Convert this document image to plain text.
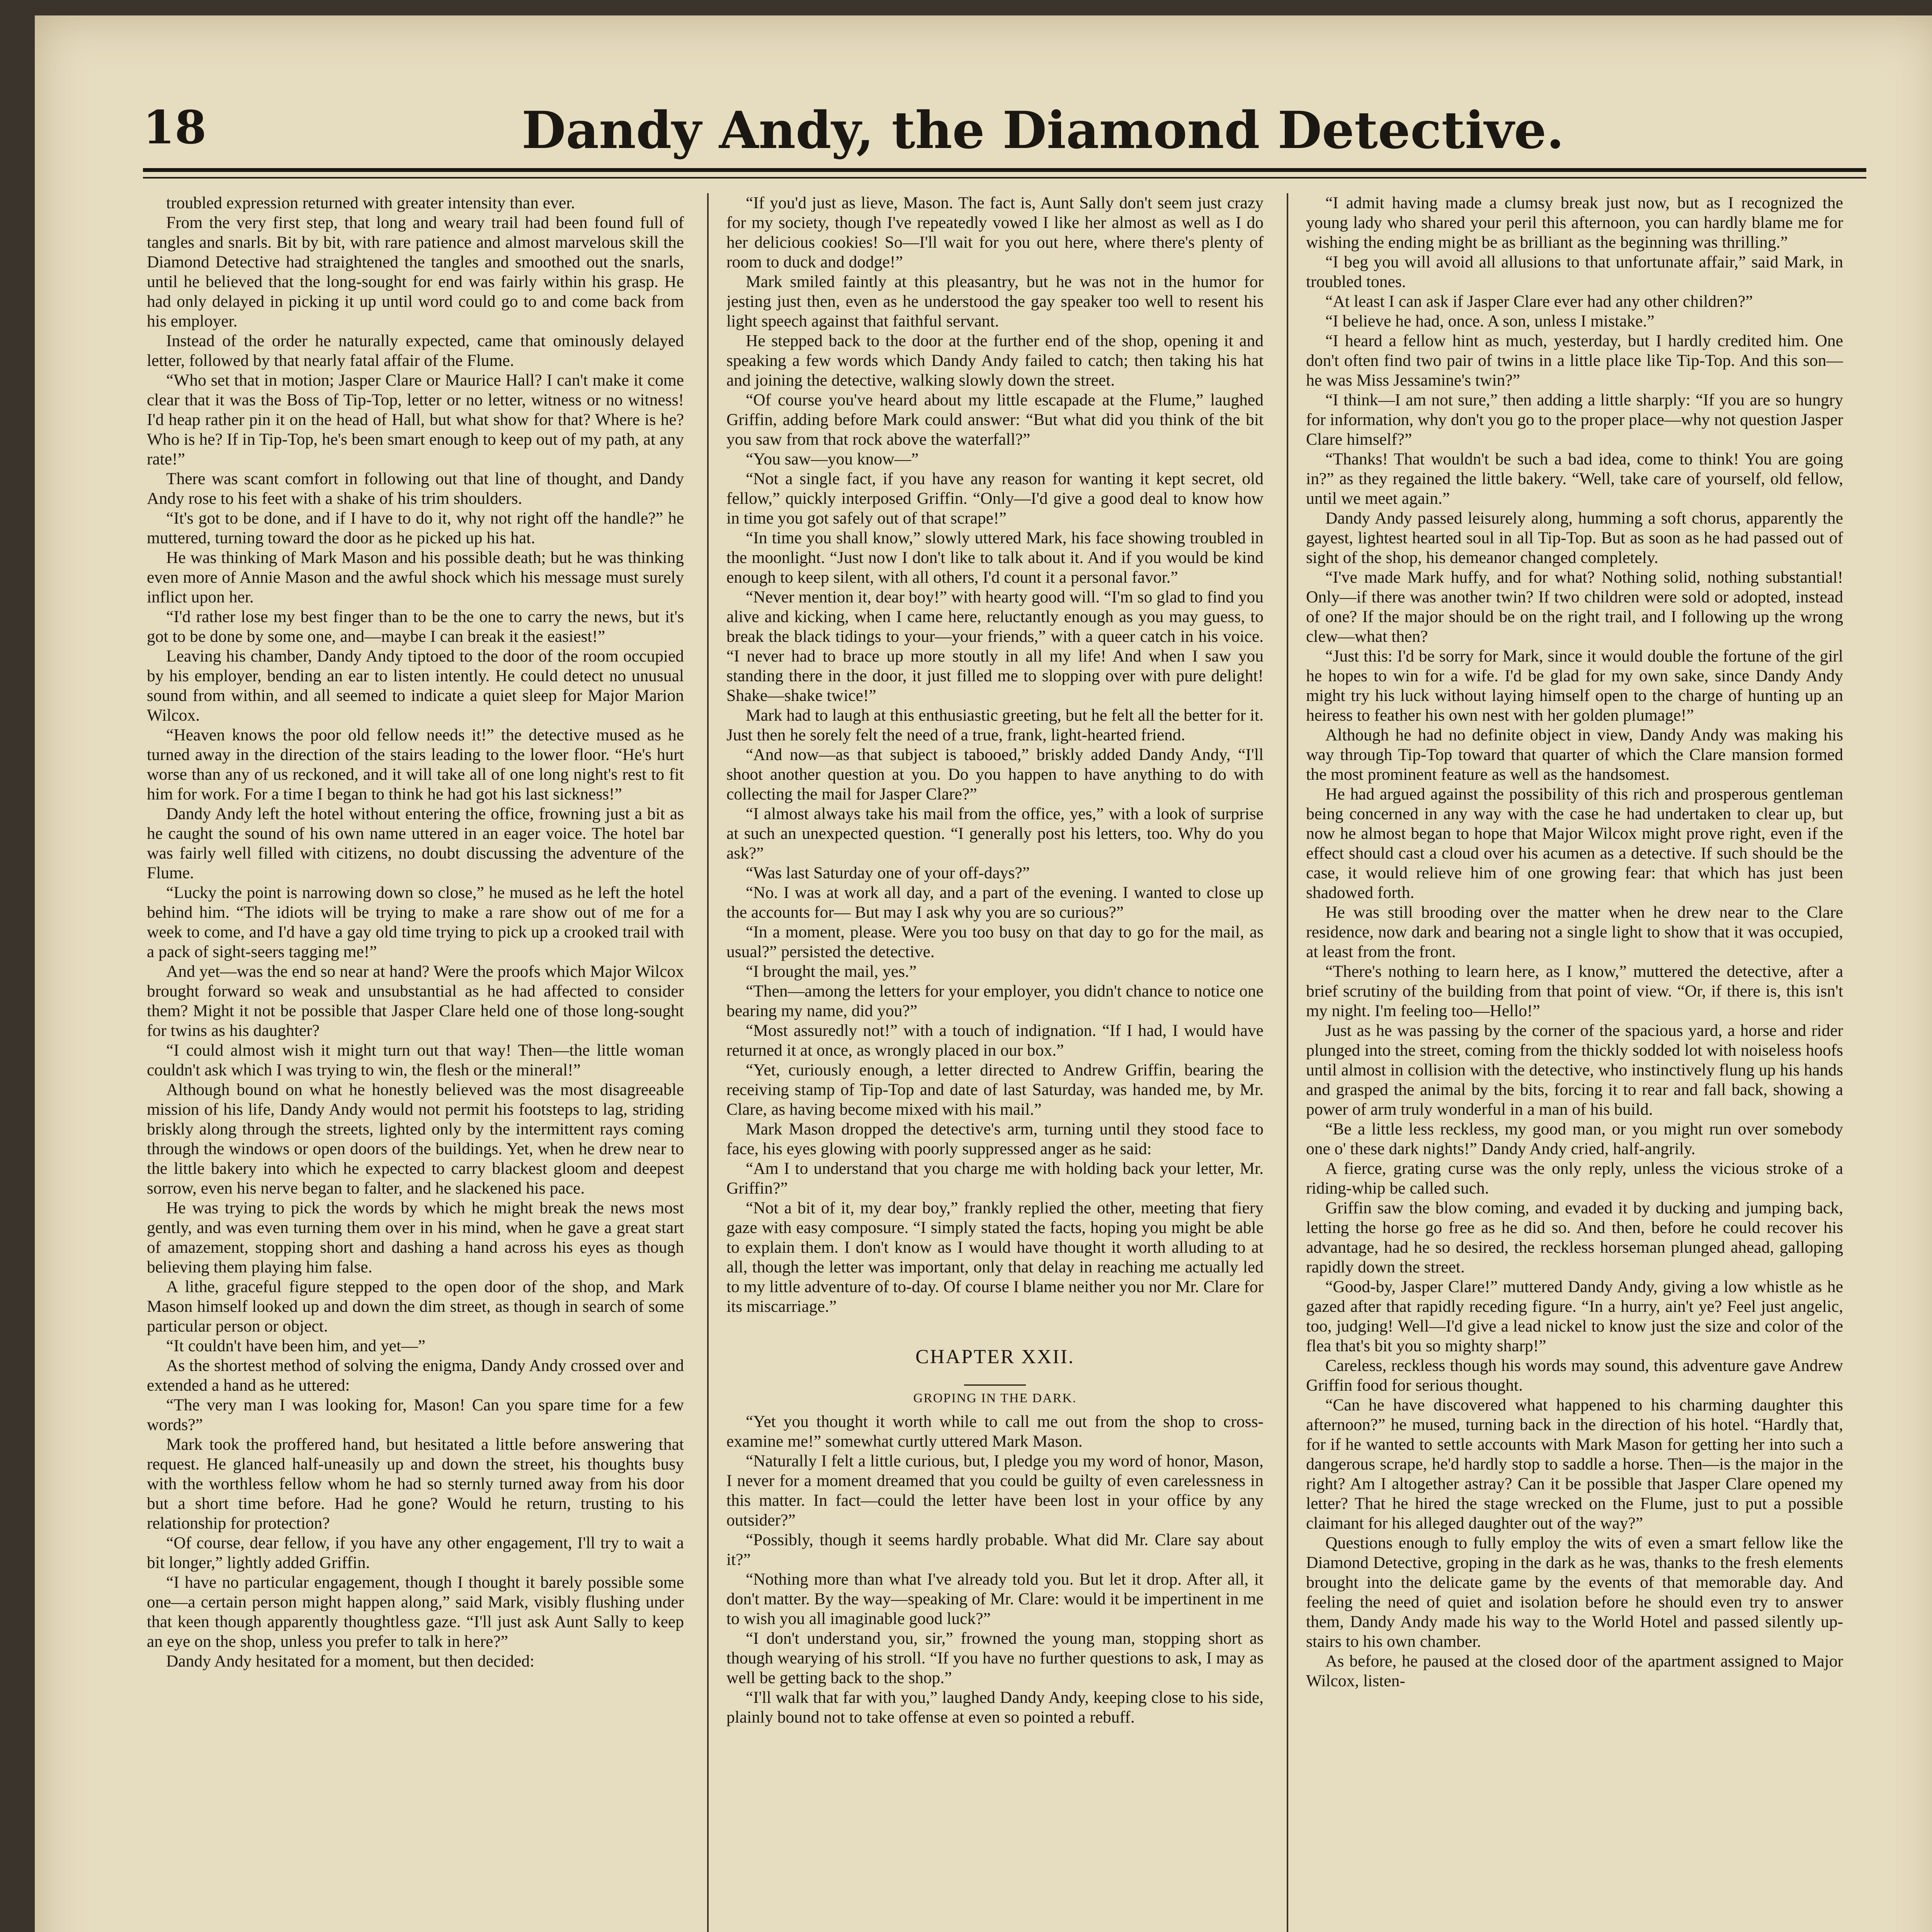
18	Dandy Andy, the Diamond Detective.

troubled expression returned with greater intensity than ever.

From the very first step, that long and weary trail had been found full of tangles and snarls. Bit by bit, with rare patience and almost marvelous skill the Diamond Detective had straightened the tangles and smoothed out the snarls, until he believed that the long-sought for end was fairly within his grasp. He had only delayed in picking it up until word could go to and come back from his employer.

Instead of the order he naturally expected, came that ominously delayed letter, followed by that nearly fatal affair of the Flume.

“Who set that in motion; Jasper Clare or Maurice Hall? I can't make it come clear that it was the Boss of Tip-Top, letter or no letter, witness or no witness! I'd heap rather pin it on the head of Hall, but what show for that? Where is he? Who is he? If in Tip-Top, he's been smart enough to keep out of my path, at any rate!”

There was scant comfort in following out that line of thought, and Dandy Andy rose to his feet with a shake of his trim shoulders.

“It's got to be done, and if I have to do it, why not right off the handle?” he muttered, turning toward the door as he picked up his hat.

He was thinking of Mark Mason and his possible death; but he was thinking even more of Annie Mason and the awful shock which his message must surely inflict upon her.

“I'd rather lose my best finger than to be the one to carry the news, but it's got to be done by some one, and—maybe I can break it the easiest!”

Leaving his chamber, Dandy Andy tiptoed to the door of the room occupied by his employer, bending an ear to listen intently. He could detect no unusual sound from within, and all seemed to indicate a quiet sleep for Major Marion Wilcox.

“Heaven knows the poor old fellow needs it!” the detective mused as he turned away in the direction of the stairs leading to the lower floor. “He's hurt worse than any of us reckoned, and it will take all of one long night's rest to fit him for work. For a time I began to think he had got his last sickness!”

Dandy Andy left the hotel without entering the office, frowning just a bit as he caught the sound of his own name uttered in an eager voice. The hotel bar was fairly well filled with citizens, no doubt discussing the adventure of the Flume.

“Lucky the point is narrowing down so close,” he mused as he left the hotel behind him. “The idiots will be trying to make a rare show out of me for a week to come, and I'd have a gay old time trying to pick up a crooked trail with a pack of sight-seers tagging me!”

And yet—was the end so near at hand? Were the proofs which Major Wilcox brought forward so weak and unsubstantial as he had affected to consider them? Might it not be possible that Jasper Clare held one of those long-sought for twins as his daughter?

“I could almost wish it might turn out that way! Then—the little woman couldn't ask which I was trying to win, the flesh or the mineral!”

Although bound on what he honestly believed was the most disagreeable mission of his life, Dandy Andy would not permit his footsteps to lag, striding briskly along through the streets, lighted only by the intermittent rays coming through the windows or open doors of the buildings. Yet, when he drew near to the little bakery into which he expected to carry blackest gloom and deepest sorrow, even his nerve began to falter, and he slackened his pace.

He was trying to pick the words by which he might break the news most gently, and was even turning them over in his mind, when he gave a great start of amazement, stopping short and dashing a hand across his eyes as though believing them playing him false.

A lithe, graceful figure stepped to the open door of the shop, and Mark Mason himself looked up and down the dim street, as though in search of some particular person or object.

“It couldn't have been him, and yet—”

As the shortest method of solving the enigma, Dandy Andy crossed over and extended a hand as he uttered:

“The very man I was looking for, Mason! Can you spare time for a few words?”

Mark took the proffered hand, but hesitated a little before answering that request. He glanced half-uneasily up and down the street, his thoughts busy with the worthless fellow whom he had so sternly turned away from his door but a short time before. Had he gone? Would he return, trusting to his relationship for protection?

“Of course, dear fellow, if you have any other engagement, I'll try to wait a bit longer,” lightly added Griffin.

“I have no particular engagement, though I thought it barely possible some one—a certain person might happen along,” said Mark, visibly flushing under that keen though apparently thoughtless gaze. “I'll just ask Aunt Sally to keep an eye on the shop, unless you prefer to talk in here?”

Dandy Andy hesitated for a moment, but then decided:

“If you'd just as lieve, Mason. The fact is, Aunt Sally don't seem just crazy for my society, though I've repeatedly vowed I like her almost as well as I do her delicious cookies! So—I'll wait for you out here, where there's plenty of room to duck and dodge!”

Mark smiled faintly at this pleasantry, but he was not in the humor for jesting just then, even as he understood the gay speaker too well to resent his light speech against that faithful servant.

He stepped back to the door at the further end of the shop, opening it and speaking a few words which Dandy Andy failed to catch; then taking his hat and joining the detective, walking slowly down the street.

“Of course you've heard about my little escapade at the Flume,” laughed Griffin, adding before Mark could answer: “But what did you think of the bit you saw from that rock above the waterfall?”

“You saw—you know—”

“Not a single fact, if you have any reason for wanting it kept secret, old fellow,” quickly interposed Griffin. “Only—I'd give a good deal to know how in time you got safely out of that scrape!”

“In time you shall know,” slowly uttered Mark, his face showing troubled in the moonlight. “Just now I don't like to talk about it. And if you would be kind enough to keep silent, with all others, I'd count it a personal favor.”

“Never mention it, dear boy!” with hearty good will. “I'm so glad to find you alive and kicking, when I came here, reluctantly enough as you may guess, to break the black tidings to your—your friends,” with a queer catch in his voice. “I never had to brace up more stoutly in all my life! And when I saw you standing there in the door, it just filled me to slopping over with pure delight! Shake—shake twice!”

Mark had to laugh at this enthusiastic greeting, but he felt all the better for it. Just then he sorely felt the need of a true, frank, light-hearted friend.

“And now—as that subject is tabooed,” briskly added Dandy Andy, “I'll shoot another question at you. Do you happen to have anything to do with collecting the mail for Jasper Clare?”

“I almost always take his mail from the office, yes,” with a look of surprise at such an unexpected question. “I generally post his letters, too. Why do you ask?”

“Was last Saturday one of your off-days?”

“No. I was at work all day, and a part of the evening. I wanted to close up the accounts for— But may I ask why you are so curious?”

“In a moment, please. Were you too busy on that day to go for the mail, as usual?” persisted the detective.

“I brought the mail, yes.”

“Then—among the letters for your employer, you didn't chance to notice one bearing my name, did you?”

“Most assuredly not!” with a touch of indignation. “If I had, I would have returned it at once, as wrongly placed in our box.”

“Yet, curiously enough, a letter directed to Andrew Griffin, bearing the receiving stamp of Tip-Top and date of last Saturday, was handed me, by Mr. Clare, as having become mixed with his mail.”

Mark Mason dropped the detective's arm, turning until they stood face to face, his eyes glowing with poorly suppressed anger as he said:

“Am I to understand that you charge me with holding back your letter, Mr. Griffin?”

“Not a bit of it, my dear boy,” frankly replied the other, meeting that fiery gaze with easy composure. “I simply stated the facts, hoping you might be able to explain them. I don't know as I would have thought it worth alluding to at all, though the letter was important, only that delay in reaching me actually led to my little adventure of to-day. Of course I blame neither you nor Mr. Clare for its miscarriage.”

CHAPTER XXII.
GROPING IN THE DARK.

“Yet you thought it worth while to call me out from the shop to cross-examine me!” somewhat curtly uttered Mark Mason.

“Naturally I felt a little curious, but, I pledge you my word of honor, Mason, I never for a moment dreamed that you could be guilty of even carelessness in this matter. In fact—could the letter have been lost in your office by any outsider?”

“Possibly, though it seems hardly probable. What did Mr. Clare say about it?”

“Nothing more than what I've already told you. But let it drop. After all, it don't matter. By the way—speaking of Mr. Clare: would it be impertinent in me to wish you all imaginable good luck?”

“I don't understand you, sir,” frowned the young man, stopping short as though wearying of his stroll. “If you have no further questions to ask, I may as well be getting back to the shop.”

“I'll walk that far with you,” laughed Dandy Andy, keeping close to his side, plainly bound not to take offense at even so pointed a rebuff.

“I admit having made a clumsy break just now, but as I recognized the young lady who shared your peril this afternoon, you can hardly blame me for wishing the ending might be as brilliant as the beginning was thrilling.”

“I beg you will avoid all allusions to that unfortunate affair,” said Mark, in troubled tones.

“At least I can ask if Jasper Clare ever had any other children?”

“I believe he had, once. A son, unless I mistake.”

“I heard a fellow hint as much, yesterday, but I hardly credited him. One don't often find two pair of twins in a little place like Tip-Top. And this son—he was Miss Jessamine's twin?”

“I think—I am not sure,” then adding a little sharply: “If you are so hungry for information, why don't you go to the proper place—why not question Jasper Clare himself?”

“Thanks! That wouldn't be such a bad idea, come to think! You are going in?” as they regained the little bakery. “Well, take care of yourself, old fellow, until we meet again.”

Dandy Andy passed leisurely along, humming a soft chorus, apparently the gayest, lightest hearted soul in all Tip-Top. But as soon as he had passed out of sight of the shop, his demeanor changed completely.

“I've made Mark huffy, and for what? Nothing solid, nothing substantial! Only—if there was another twin? If two children were sold or adopted, instead of one? If the major should be on the right trail, and I following up the wrong clew—what then?

“Just this: I'd be sorry for Mark, since it would double the fortune of the girl he hopes to win for a wife. I'd be glad for my own sake, since Dandy Andy might try his luck without laying himself open to the charge of hunting up an heiress to feather his own nest with her golden plumage!”

Although he had no definite object in view, Dandy Andy was making his way through Tip-Top toward that quarter of which the Clare mansion formed the most prominent feature as well as the handsomest.

He had argued against the possibility of this rich and prosperous gentleman being concerned in any way with the case he had undertaken to clear up, but now he almost began to hope that Major Wilcox might prove right, even if the effect should cast a cloud over his acumen as a detective. If such should be the case, it would relieve him of one growing fear: that which has just been shadowed forth.

He was still brooding over the matter when he drew near to the Clare residence, now dark and bearing not a single light to show that it was occupied, at least from the front.

“There's nothing to learn here, as I know,” muttered the detective, after a brief scrutiny of the building from that point of view. “Or, if there is, this isn't my night. I'm feeling too—Hello!”

Just as he was passing by the corner of the spacious yard, a horse and rider plunged into the street, coming from the thickly sodded lot with noiseless hoofs until almost in collision with the detective, who instinctively flung up his hands and grasped the animal by the bits, forcing it to rear and fall back, showing a power of arm truly wonderful in a man of his build.

“Be a little less reckless, my good man, or you might run over somebody one o' these dark nights!” Dandy Andy cried, half-angrily.

A fierce, grating curse was the only reply, unless the vicious stroke of a riding-whip be called such.

Griffin saw the blow coming, and evaded it by ducking and jumping back, letting the horse go free as he did so. And then, before he could recover his advantage, had he so desired, the reckless horseman plunged ahead, galloping rapidly down the street.

“Good-by, Jasper Clare!” muttered Dandy Andy, giving a low whistle as he gazed after that rapidly receding figure. “In a hurry, ain't ye? Feel just angelic, too, judging! Well—I'd give a lead nickel to know just the size and color of the flea that's bit you so mighty sharp!”

Careless, reckless though his words may sound, this adventure gave Andrew Griffin food for serious thought.

“Can he have discovered what happened to his charming daughter this afternoon?” he mused, turning back in the direction of his hotel. “Hardly that, for if he wanted to settle accounts with Mark Mason for getting her into such a dangerous scrape, he'd hardly stop to saddle a horse. Then—is the major in the right? Am I altogether astray? Can it be possible that Jasper Clare opened my letter? That he hired the stage wrecked on the Flume, just to put a possible claimant for his alleged daughter out of the way?”

Questions enough to fully employ the wits of even a smart fellow like the Diamond Detective, groping in the dark as he was, thanks to the fresh elements brought into the delicate game by the events of that memorable day. And feeling the need of quiet and isolation before he should even try to answer them, Dandy Andy made his way to the World Hotel and passed silently up-stairs to his own chamber.

As before, he paused at the closed door of the apartment assigned to Major Wilcox, listen-
